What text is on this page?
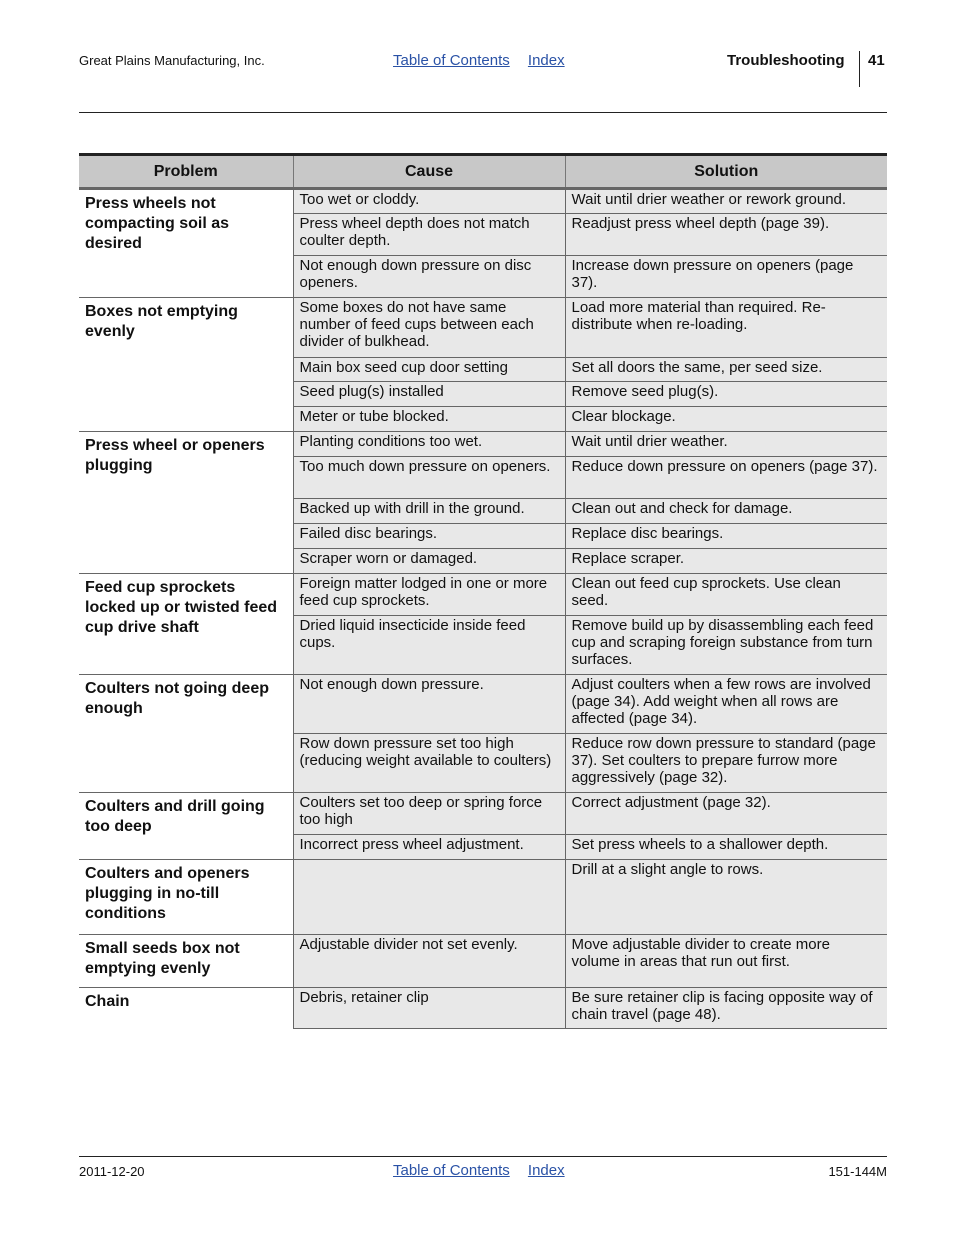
Great Plains Manufacturing, Inc.	Table of Contents Index	Troubleshooting 41
Problem	Cause	Solution
Press wheels not compacting soil as desired	Too wet or cloddy.	Wait until drier weather or rework ground.
	Press wheel depth does not match coulter depth.	Readjust press wheel depth (page 39).
	Not enough down pressure on disc openers.	Increase down pressure on openers (page 37).
Boxes not emptying evenly	Some boxes do not have same number of feed cups between each divider of bulkhead.	Load more material than required. Re-distribute when re-loading.
	Main box seed cup door setting	Set all doors the same, per seed size.
	Seed plug(s) installed	Remove seed plug(s).
	Meter or tube blocked.	Clear blockage.
Press wheel or openers plugging	Planting conditions too wet.	Wait until drier weather.
	Too much down pressure on openers.	Reduce down pressure on openers (page 37).
	Backed up with drill in the ground.	Clean out and check for damage.
	Failed disc bearings.	Replace disc bearings.
	Scraper worn or damaged.	Replace scraper.
Feed cup sprockets locked up or twisted feed cup drive shaft	Foreign matter lodged in one or more feed cup sprockets.	Clean out feed cup sprockets. Use clean seed.
	Dried liquid insecticide inside feed cups.	Remove build up by disassembling each feed cup and scraping foreign substance from turn surfaces.
Coulters not going deep enough	Not enough down pressure.	Adjust coulters when a few rows are involved (page 34). Add weight when all rows are affected (page 34).
	Row down pressure set too high (reducing weight available to coulters)	Reduce row down pressure to standard (page 37). Set coulters to prepare furrow more aggressively (page 32).
Coulters and drill going too deep	Coulters set too deep or spring force too high	Correct adjustment (page 32).
	Incorrect press wheel adjustment.	Set press wheels to a shallower depth.
Coulters and openers plugging in no-till conditions		Drill at a slight angle to rows.
Small seeds box not emptying evenly	Adjustable divider not set evenly.	Move adjustable divider to create more volume in areas that run out first.
Chain	Debris, retainer clip	Be sure retainer clip is facing opposite way of chain travel (page 48).
2011-12-20	Table of Contents Index	151-144M
